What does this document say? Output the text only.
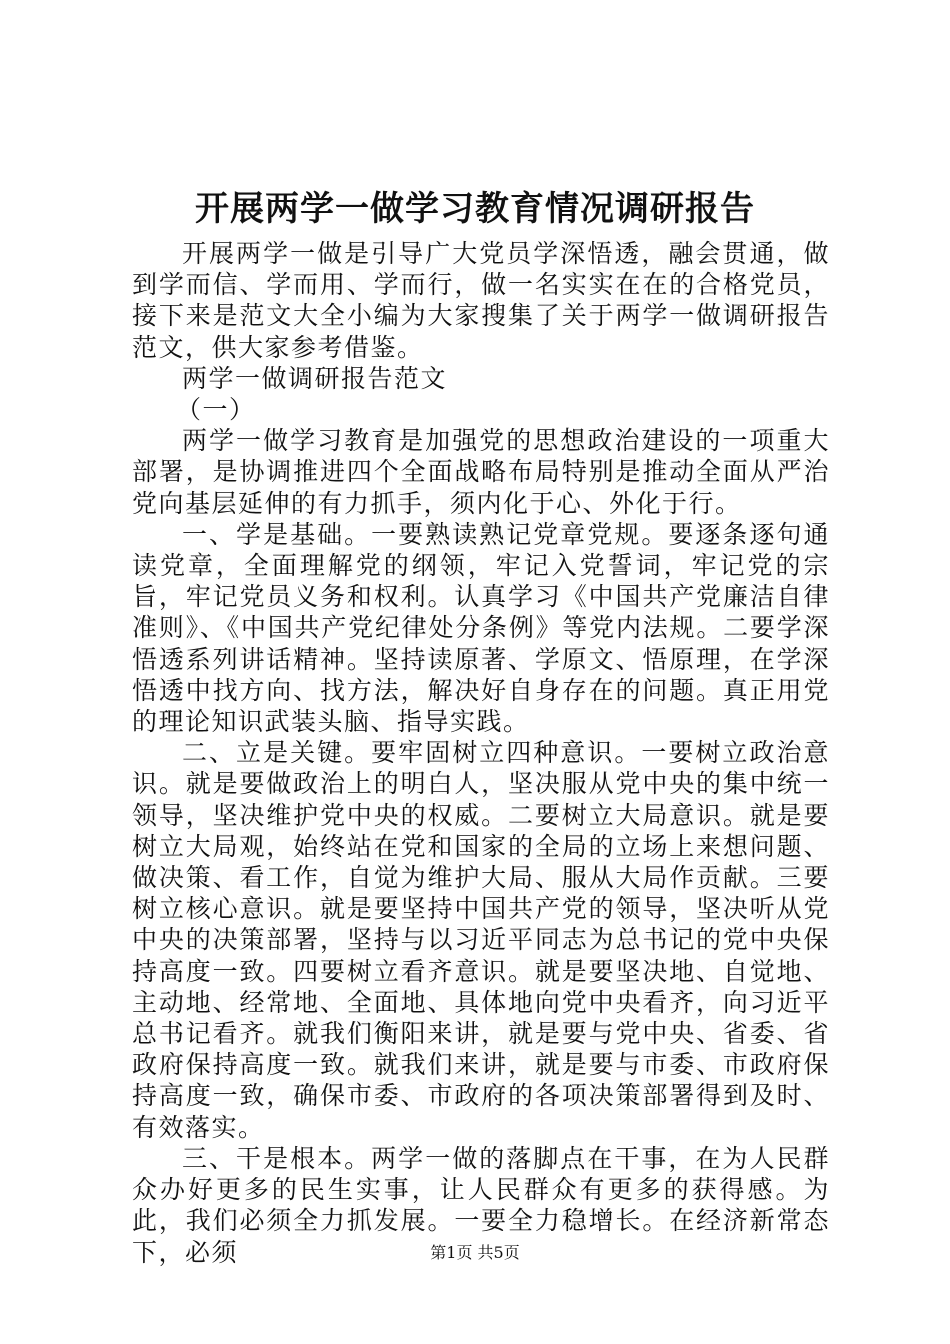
开展两学一做学习教育情况调研报告

开展两学一做是引导广大党员学深悟透，融会贯通，做到学而信、学而用、学而行，做一名实实在在的合格党员，接下来是范文大全小编为大家搜集了关于两学一做调研报告范文，供大家参考借鉴。

两学一做调研报告范文

（一）

两学一做学习教育是加强党的思想政治建设的一项重大部署，是协调推进四个全面战略布局特别是推动全面从严治党向基层延伸的有力抓手，须内化于心、外化于行。

一、学是基础。一要熟读熟记党章党规。要逐条逐句通读党章，全面理解党的纲领，牢记入党誓词，牢记党的宗旨，牢记党员义务和权利。认真学习《中国共产党廉洁自律准则》、《中国共产党纪律处分条例》等党内法规。二要学深悟透系列讲话精神。坚持读原著、学原文、悟原理，在学深悟透中找方向、找方法，解决好自身存在的问题。真正用党的理论知识武装头脑、指导实践。

二、立是关键。要牢固树立四种意识。一要树立政治意识。就是要做政治上的明白人，坚决服从党中央的集中统一领导，坚决维护党中央的权威。二要树立大局意识。就是要树立大局观，始终站在党和国家的全局的立场上来想问题、做决策、看工作，自觉为维护大局、服从大局作贡献。三要树立核心意识。就是要坚持中国共产党的领导，坚决听从党中央的决策部署，坚持与以习近平同志为总书记的党中央保持高度一致。四要树立看齐意识。就是要坚决地、自觉地、主动地、经常地、全面地、具体地向党中央看齐，向习近平总书记看齐。就我们衡阳来讲，就是要与党中央、省委、省政府保持高度一致。就我们来讲，就是要与市委、市政府保持高度一致，确保市委、市政府的各项决策部署得到及时、有效落实。

三、干是根本。两学一做的落脚点在干事，在为人民群众办好更多的民生实事，让人民群众有更多的获得感。为此，我们必须全力抓发展。一要全力稳增长。在经济新常态下，必须	第1页 共5页
